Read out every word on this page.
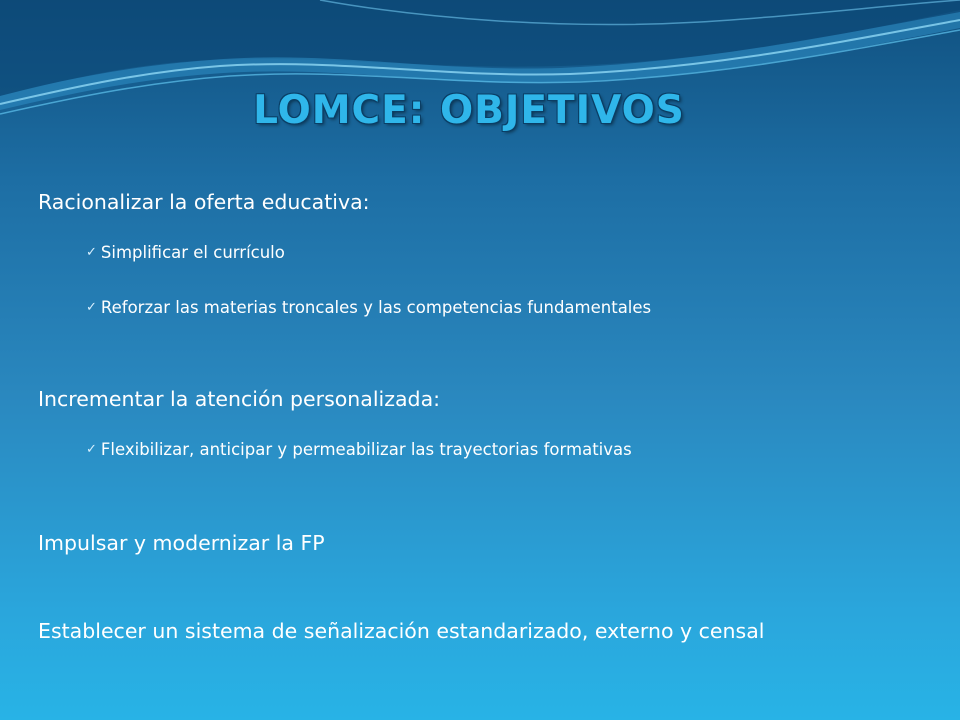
LOMCE: OBJETIVOS
Racionalizar la oferta educativa:
✓ Simplificar el currículo
✓ Reforzar las materias troncales y las competencias fundamentales
Incrementar la atención personalizada:
✓ Flexibilizar, anticipar y permeabilizar las trayectorias formativas
Impulsar y modernizar la FP
Establecer un sistema de señalización estandarizado, externo y censal
